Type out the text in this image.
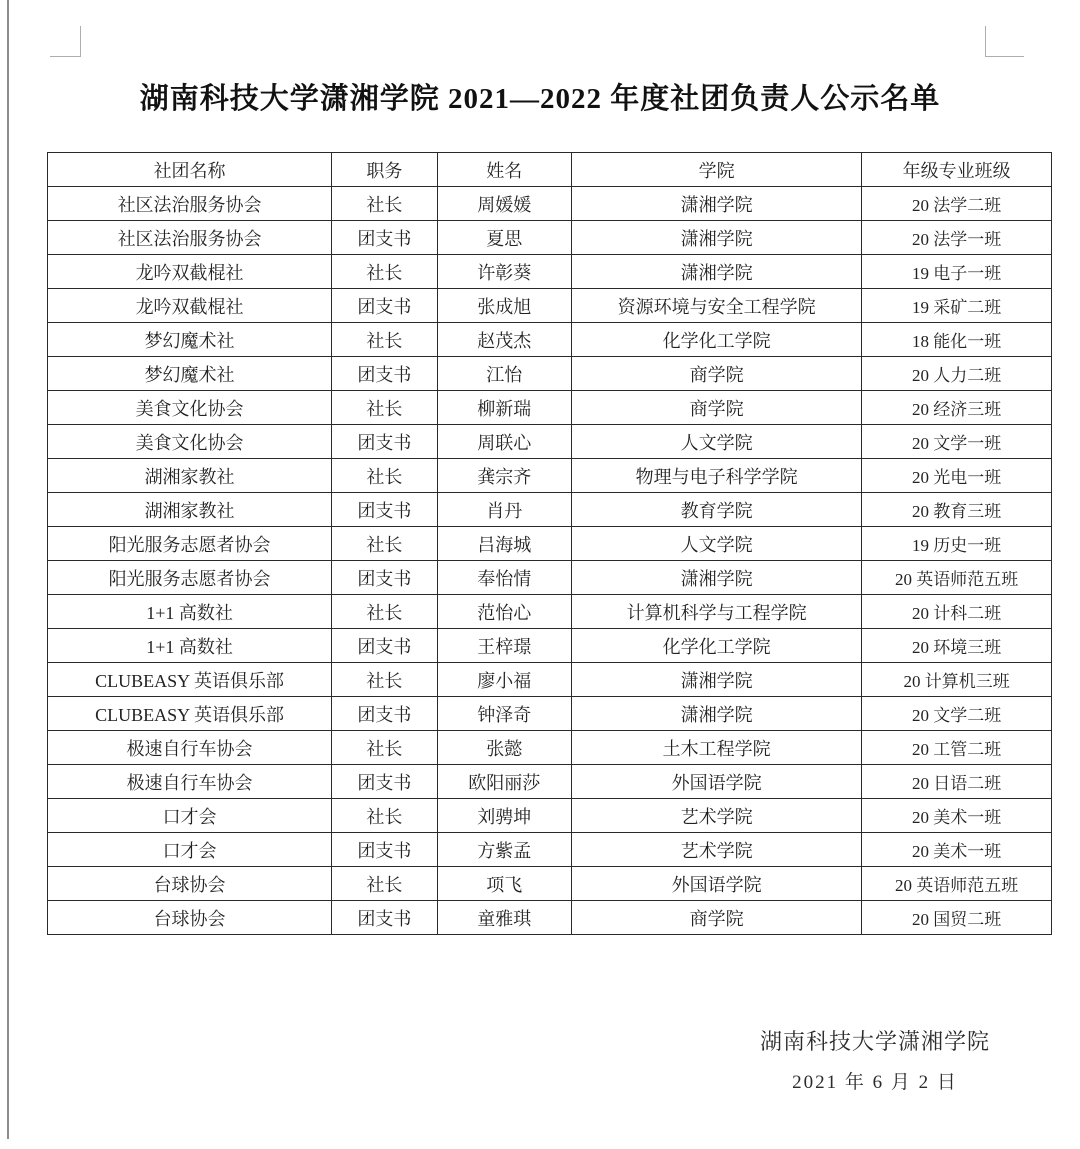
湖南科技大学潇湘学院 2021—2022 年度社团负责人公示名单
社团名称	职务	姓名	学院	年级专业班级
社区法治服务协会	社长	周媛媛	潇湘学院	20 法学二班
社区法治服务协会	团支书	夏思	潇湘学院	20 法学一班
龙吟双截棍社	社长	许彰葵	潇湘学院	19 电子一班
龙吟双截棍社	团支书	张成旭	资源环境与安全工程学院	19 采矿二班
梦幻魔术社	社长	赵茂杰	化学化工学院	18 能化一班
梦幻魔术社	团支书	江怡	商学院	20 人力二班
美食文化协会	社长	柳新瑞	商学院	20 经济三班
美食文化协会	团支书	周联心	人文学院	20 文学一班
湖湘家教社	社长	龚宗齐	物理与电子科学学院	20 光电一班
湖湘家教社	团支书	肖丹	教育学院	20 教育三班
阳光服务志愿者协会	社长	吕海城	人文学院	19 历史一班
阳光服务志愿者协会	团支书	奉怡情	潇湘学院	20 英语师范五班
1+1 高数社	社长	范怡心	计算机科学与工程学院	20 计科二班
1+1 高数社	团支书	王梓璟	化学化工学院	20 环境三班
CLUBEASY 英语俱乐部	社长	廖小福	潇湘学院	20 计算机三班
CLUBEASY 英语俱乐部	团支书	钟泽奇	潇湘学院	20 文学二班
极速自行车协会	社长	张懿	土木工程学院	20 工管二班
极速自行车协会	团支书	欧阳丽莎	外国语学院	20 日语二班
口才会	社长	刘骋坤	艺术学院	20 美术一班
口才会	团支书	方紫孟	艺术学院	20 美术一班
台球协会	社长	项飞	外国语学院	20 英语师范五班
台球协会	团支书	童雅琪	商学院	20 国贸二班
湖南科技大学潇湘学院
2021 年 6 月 2 日
